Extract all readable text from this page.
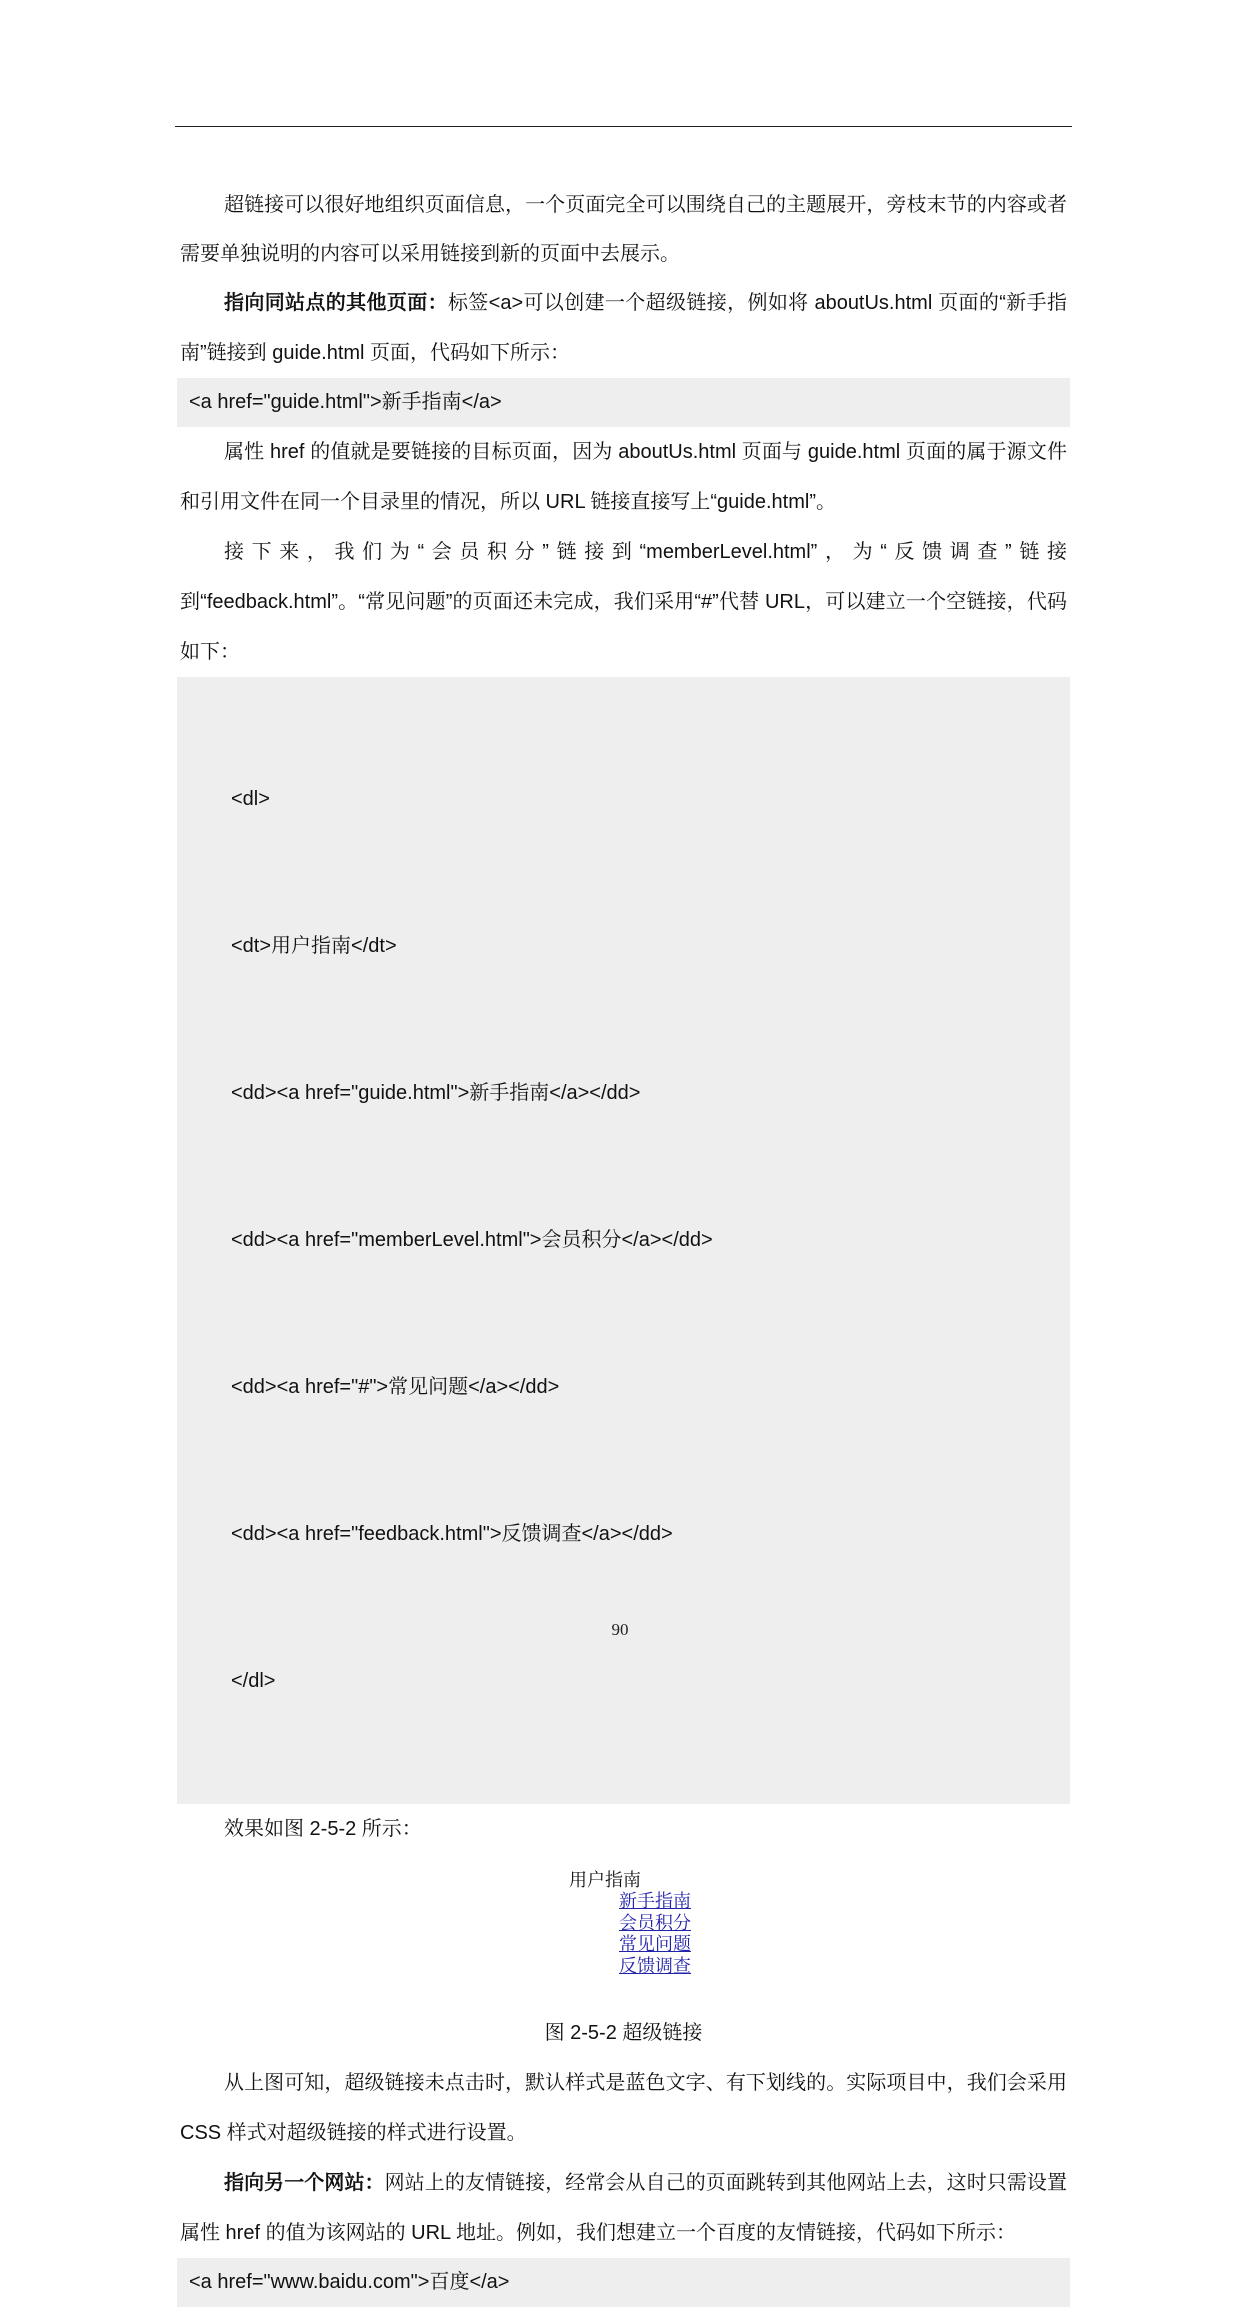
超链接可以很好地组织页面信息，一个页面完全可以围绕自己的主题展开，旁枝末节的内容或者需要单独说明的内容可以采用链接到新的页面中去展示。

指向同站点的其他页面：标签<a>可以创建一个超级链接，例如将 aboutUs.html 页面的“新手指南”链接到 guide.html 页面，代码如下所示：

<a href="guide.html">新手指南</a>

属性 href 的值就是要链接的目标页面，因为 aboutUs.html 页面与 guide.html 页面的属于源文件和引用文件在同一个目录里的情况，所以 URL 链接直接写上“guide.html”。

接下来，我们为“会员积分”链接到“memberLevel.html”，为“反馈调查”链接到“feedback.html”。“常见问题”的页面还未完成，我们采用“#”代替 URL，可以建立一个空链接，代码如下：

<dl>

<dt>用户指南</dt>

<dd><a href="guide.html">新手指南</a></dd>

<dd><a href="memberLevel.html">会员积分</a></dd>

<dd><a href="#">常见问题</a></dd>

<dd><a href="feedback.html">反馈调查</a></dd>

</dl>

效果如图 2-5-2 所示：

用户指南
新手指南
会员积分
常见问题
反馈调查
图 2-5-2 超级链接

从上图可知，超级链接未点击时，默认样式是蓝色文字、有下划线的。实际项目中，我们会采用 CSS 样式对超级链接的样式进行设置。

指向另一个网站：网站上的友情链接，经常会从自己的页面跳转到其他网站上去，这时只需设置属性 href 的值为该网站的 URL 地址。例如，我们想建立一个百度的友情链接，代码如下所示：

<a href="www.baidu.com">百度</a>
90
